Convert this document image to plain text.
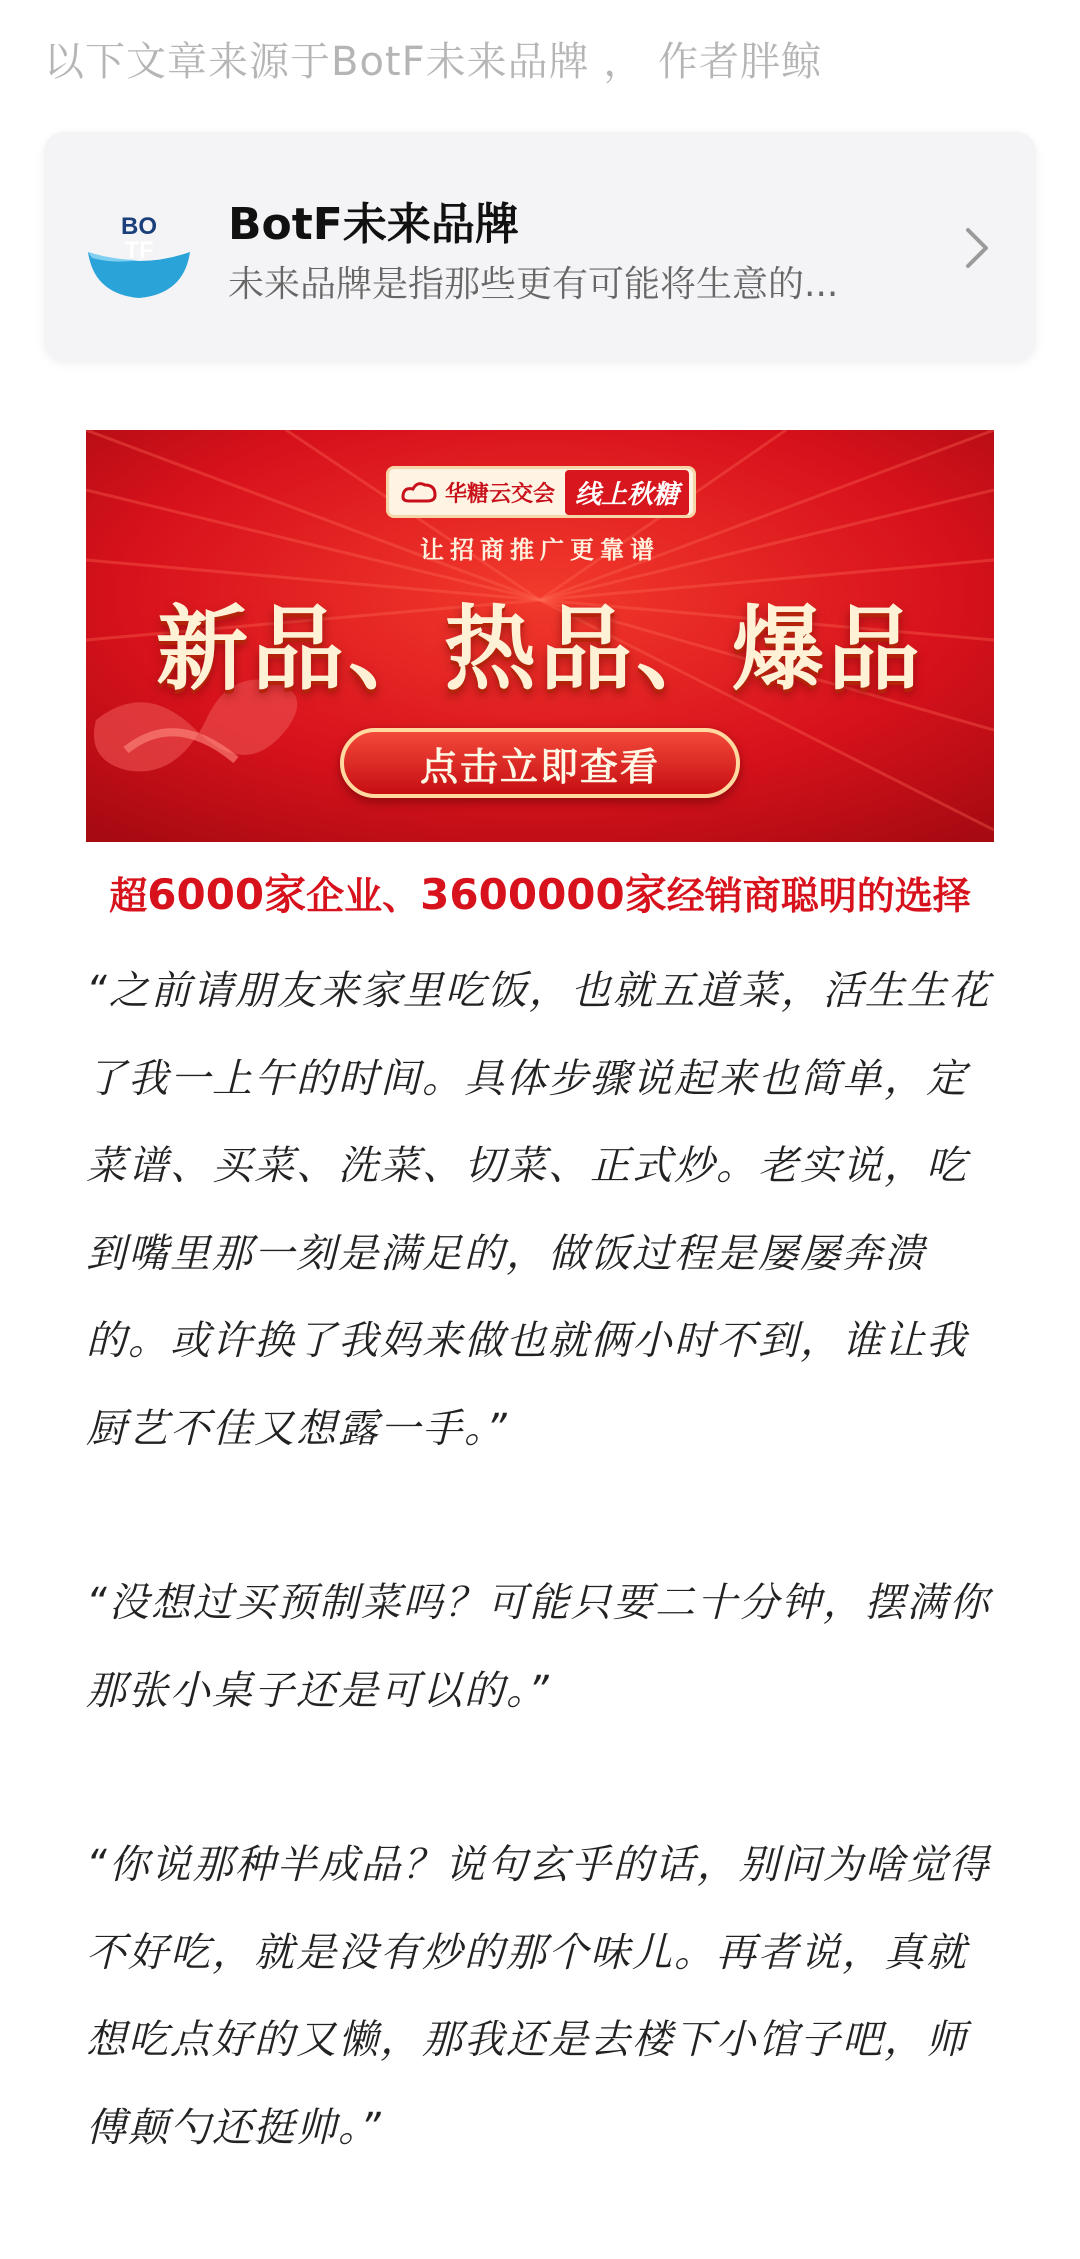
以下文章来源于BotF未来品牌 ， 作者胖鲸
BO
TF
BotF未来品牌
未来品牌是指那些更有可能将生意的...
华糖云交会 线上秋糖
让招商推广更靠谱
新品、热品、爆品
点击立即查看
超6000家企业、3600000家经销商聪明的选择

“之前请朋友来家里吃饭，也就五道菜，活生生花了我一上午的时间。具体步骤说起来也简单，定菜谱、买菜、洗菜、切菜、正式炒。老实说，吃到嘴里那一刻是满足的，做饭过程是屡屡奔溃的。或许换了我妈来做也就俩小时不到，谁让我厨艺不佳又想露一手。”

“没想过买预制菜吗？可能只要二十分钟，摆满你那张小桌子还是可以的。”

“你说那种半成品？说句玄乎的话，别问为啥觉得不好吃，就是没有炒的那个味儿。再者说，真就想吃点好的又懒，那我还是去楼下小馆子吧，师傅颠勺还挺帅。”
